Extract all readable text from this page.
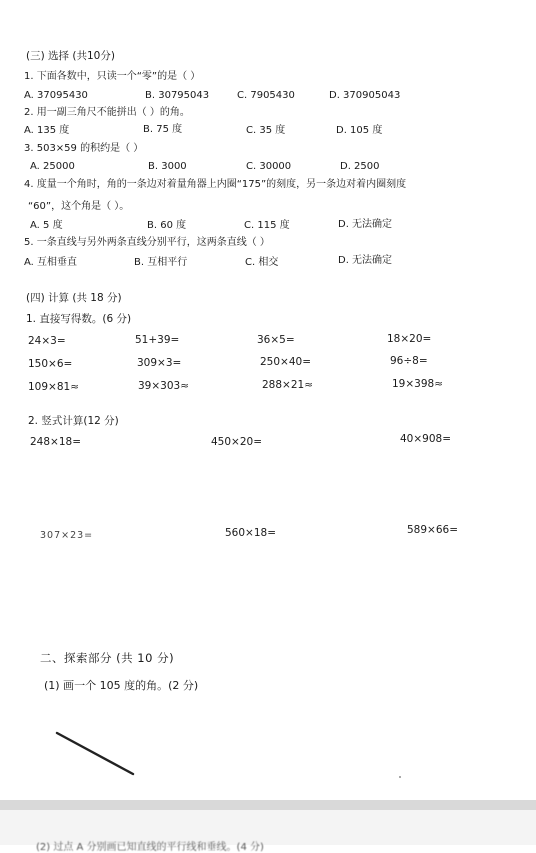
(三) 选择 (共10分)
1. 下面各数中，只读一个“零”的是（ ）
A. 37095430	B. 30795043	C. 7905430	D. 370905043
2. 用一副三角尺不能拼出（ ）的角。
A. 135 度	B. 75 度	C. 35 度	D. 105 度
3. 503×59 的积约是（ ）
A. 25000	B. 3000	C. 30000	D. 2500
4. 度量一个角时，角的一条边对着量角器上内圈“175”的刻度，另一条边对着内圈刻度
“60”，这个角是（ ）。
A. 5 度	B. 60 度	C. 115 度	D. 无法确定
5. 一条直线与另外两条直线分别平行，这两条直线（ ）
A. 互相垂直	B. 互相平行	C. 相交	D. 无法确定
(四) 计算 (共 18 分)
1. 直接写得数。(6 分)
24×3=	51+39=	36×5=	18×20=
150×6=	309×3=	250×40=	96÷8=
109×81≈	39×303≈	288×21≈	19×398≈
2. 竖式计算(12 分)
248×18=	450×20=	40×908=
307×23=	560×18=	589×66=
二、探索部分 (共 10 分)
(1) 画一个 105 度的角。(2 分)
(2) 过点 A 分别画已知直线的平行线和垂线。(4 分)
